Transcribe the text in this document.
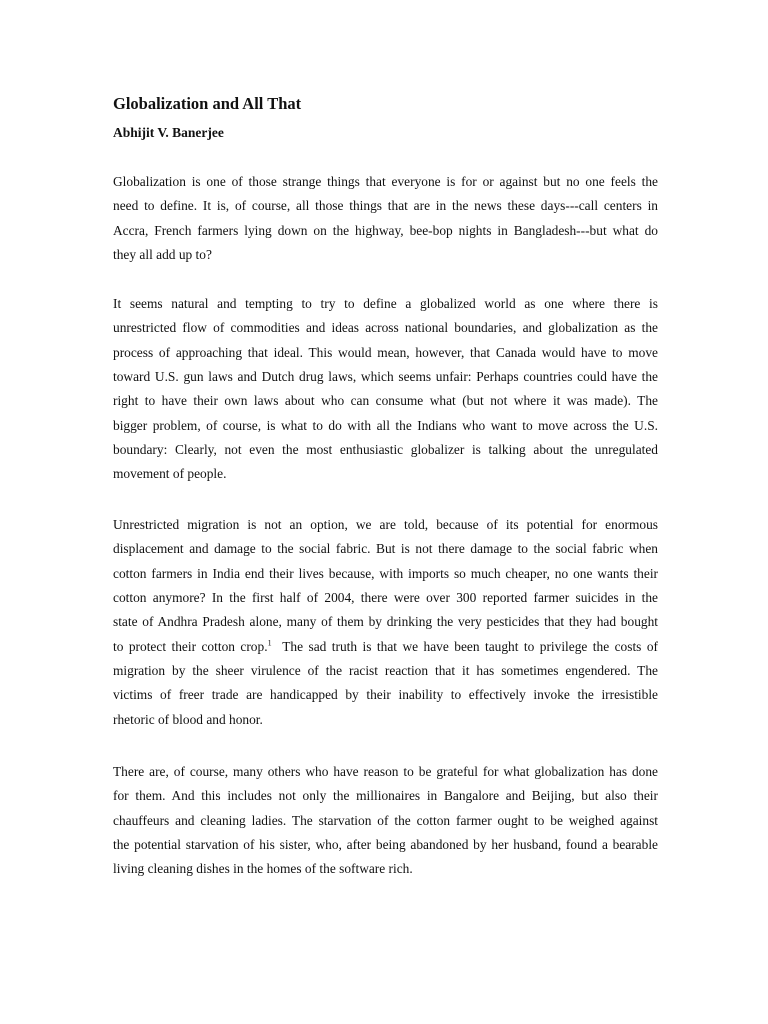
Globalization and All That

Abhijit V. Banerjee

Globalization is one of those strange things that everyone is for or against but no one feels the
need to define. It is, of course, all those things that are in the news these days---call centers in
Accra, French farmers lying down on the highway, bee-bop nights in Bangladesh---but what do
they all add up to?
It seems natural and tempting to try to define a globalized world as one where there is
unrestricted flow of commodities and ideas across national boundaries, and globalization as the
process of approaching that ideal. This would mean, however, that Canada would have to move
toward U.S. gun laws and Dutch drug laws, which seems unfair: Perhaps countries could have the
right to have their own laws about who can consume what (but not where it was made). The
bigger problem, of course, is what to do with all the Indians who want to move across the U.S.
boundary: Clearly, not even the most enthusiastic globalizer is talking about the unregulated
movement of people.
Unrestricted migration is not an option, we are told, because of its potential for enormous
displacement and damage to the social fabric. But is not there damage to the social fabric when
cotton farmers in India end their lives because, with imports so much cheaper, no one wants their
cotton anymore? In the first half of 2004, there were over 300 reported farmer suicides in the
state of Andhra Pradesh alone, many of them by drinking the very pesticides that they had bought
to protect their cotton crop.$^1$  The sad truth is that we have been taught to privilege the costs of
migration by the sheer virulence of the racist reaction that it has sometimes engendered. The
victims of freer trade are handicapped by their inability to effectively invoke the irresistible
rhetoric of blood and honor.
There are, of course, many others who have reason to be grateful for what globalization has done
for them. And this includes not only the millionaires in Bangalore and Beijing, but also their
chauffeurs and cleaning ladies. The starvation of the cotton farmer ought to be weighed against
the potential starvation of his sister, who, after being abandoned by her husband, found a bearable
living cleaning dishes in the homes of the software rich.
